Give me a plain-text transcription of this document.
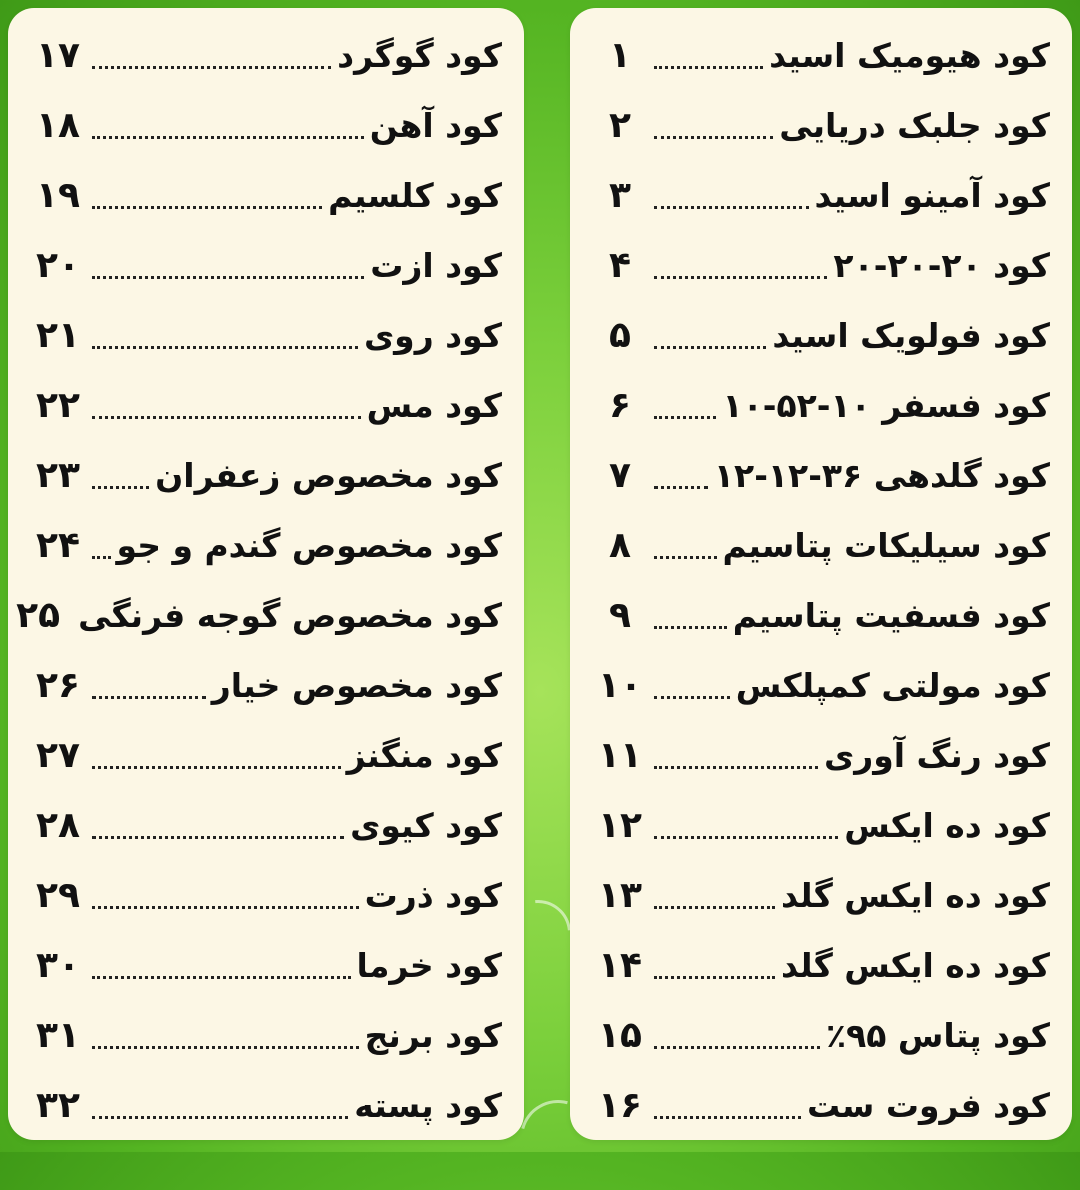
کود گوگرد
۱۷
کود آهن
۱۸
کود کلسیم
۱۹
کود ازت
۲۰
کود روی
۲۱
کود مس
۲۲
کود مخصوص زعفران
۲۳
کود مخصوص گندم و جو
۲۴
کود مخصوص گوجه فرنگی
۲۵
کود مخصوص خیار
۲۶
کود منگنز
۲۷
کود کیوی
۲۸
کود ذرت
۲۹
کود خرما
۳۰
کود برنج
۳۱
کود پسته
۳۲
کود هیومیک اسید
۱
کود جلبک دریایی
۲
کود آمینو اسید
۳
کود ۲۰-۲۰-۲۰
۴
کود فولویک اسید
۵
کود فسفر ۱۰-۵۲-۱۰
۶
کود گلدهی ۳۶-۱۲-۱۲
۷
کود سیلیکات پتاسیم
۸
کود فسفیت پتاسیم
۹
کود مولتی کمپلکس
۱۰
کود رنگ آوری
۱۱
کود ده ایکس
۱۲
کود ده ایکس گلد
۱۳
کود ده ایکس گلد
۱۴
کود پتاس ۹۵٪
۱۵
کود فروت ست
۱۶
